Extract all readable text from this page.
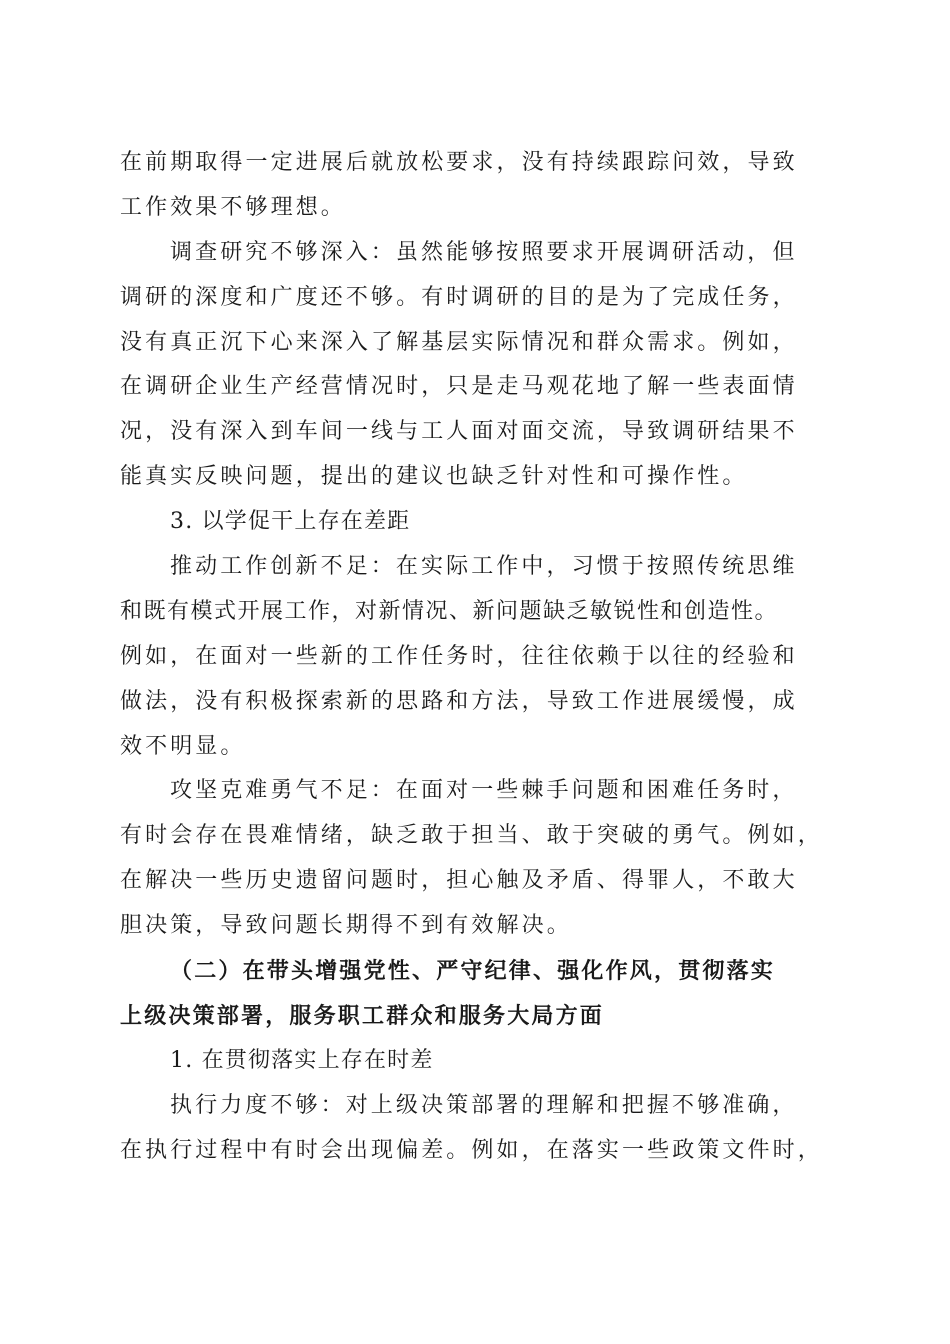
在前期取得一定进展后就放松要求，没有持续跟踪问效，导致
工作效果不够理想。
调查研究不够深入：虽然能够按照要求开展调研活动，但
调研的深度和广度还不够。有时调研的目的是为了完成任务，
没有真正沉下心来深入了解基层实际情况和群众需求。例如，
在调研企业生产经营情况时，只是走马观花地了解一些表面情
况，没有深入到车间一线与工人面对面交流，导致调研结果不
能真实反映问题，提出的建议也缺乏针对性和可操作性。
3. 以学促干上存在差距
推动工作创新不足：在实际工作中，习惯于按照传统思维
和既有模式开展工作，对新情况、新问题缺乏敏锐性和创造性。
例如，在面对一些新的工作任务时，往往依赖于以往的经验和
做法，没有积极探索新的思路和方法，导致工作进展缓慢，成
效不明显。
攻坚克难勇气不足：在面对一些棘手问题和困难任务时，
有时会存在畏难情绪，缺乏敢于担当、敢于突破的勇气。例如，
在解决一些历史遗留问题时，担心触及矛盾、得罪人，不敢大
胆决策，导致问题长期得不到有效解决。
（二）在带头增强党性、严守纪律、强化作风，贯彻落实
上级决策部署，服务职工群众和服务大局方面
1. 在贯彻落实上存在时差
执行力度不够：对上级决策部署的理解和把握不够准确，
在执行过程中有时会出现偏差。例如，在落实一些政策文件时，
